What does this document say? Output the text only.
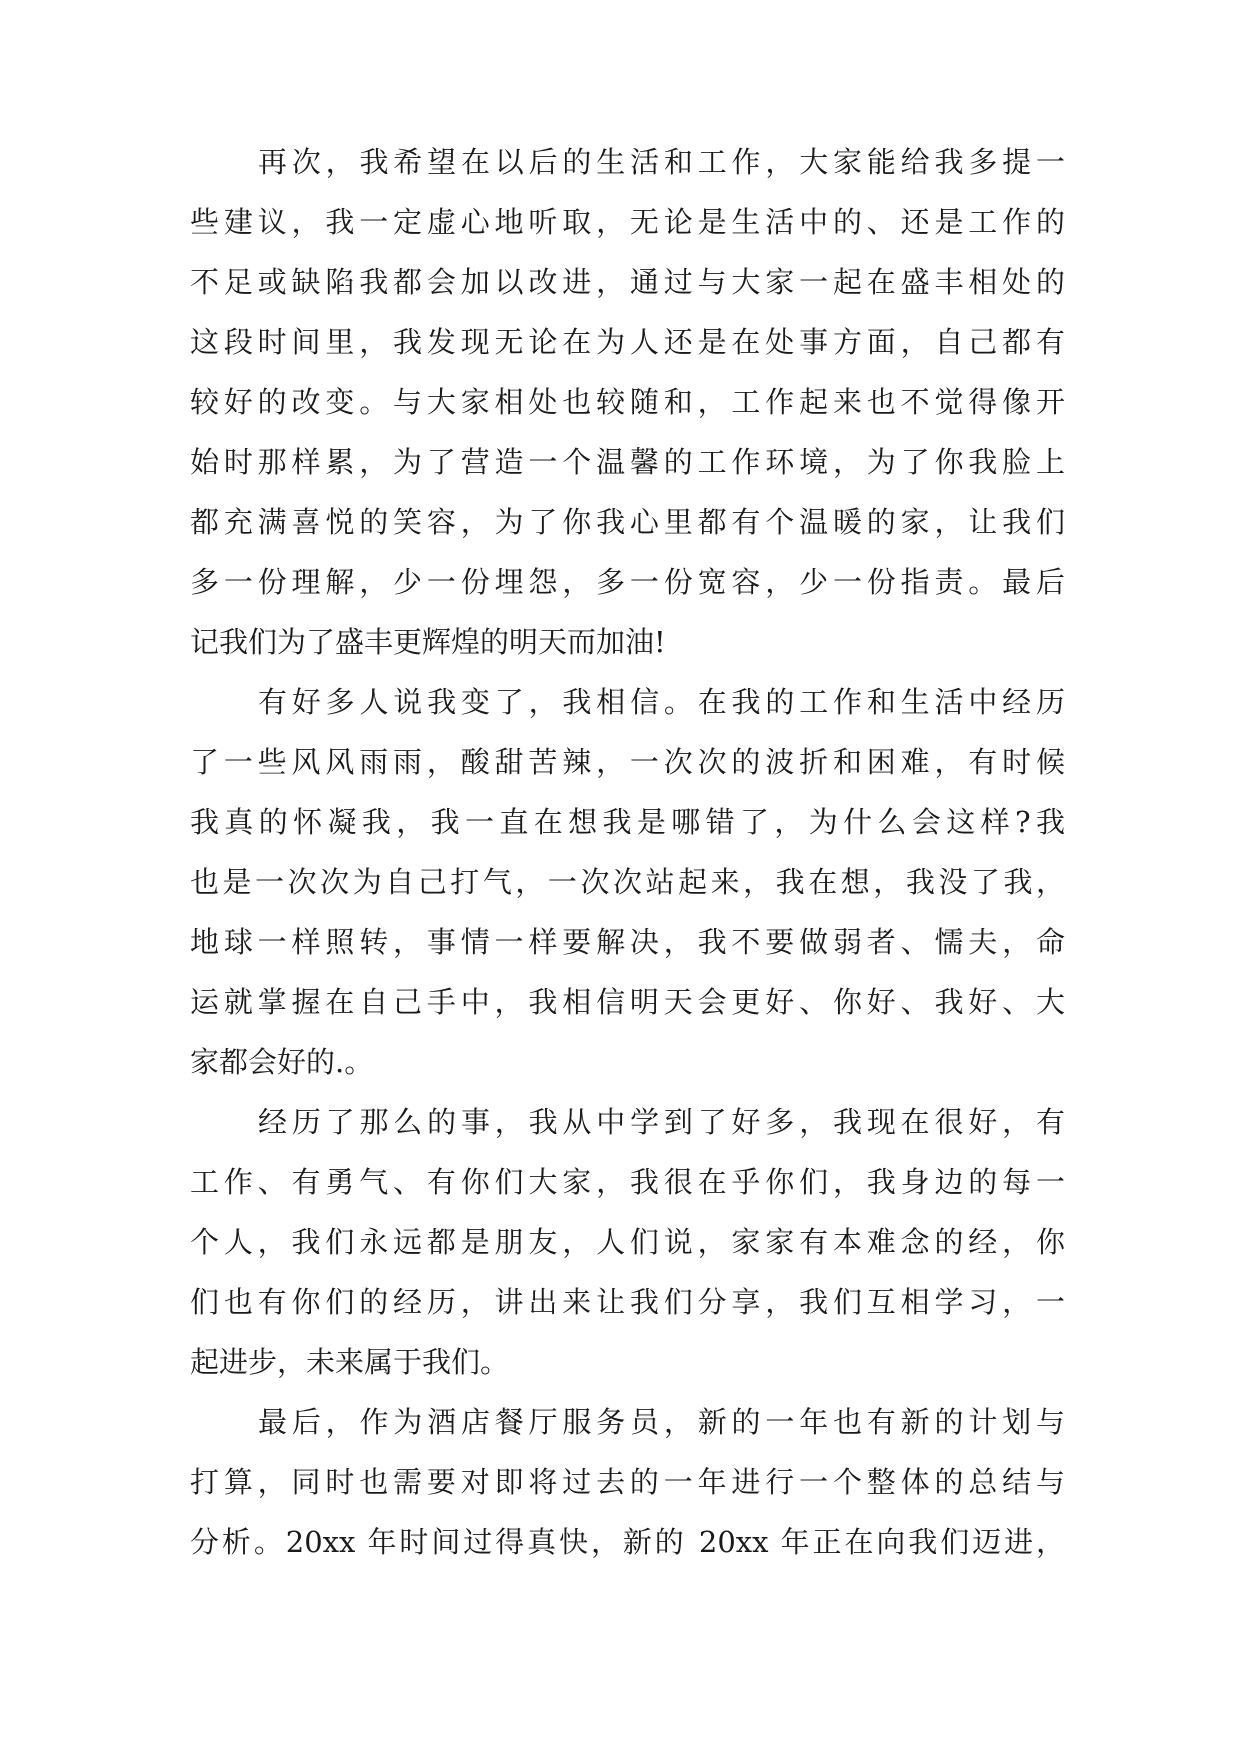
再次，我希望在以后的生活和工作，大家能给我多提一
些建议，我一定虚心地听取，无论是生活中的、还是工作的
不足或缺陷我都会加以改进，通过与大家一起在盛丰相处的
这段时间里，我发现无论在为人还是在处事方面，自己都有
较好的改变。与大家相处也较随和，工作起来也不觉得像开
始时那样累，为了营造一个温馨的工作环境，为了你我脸上
都充满喜悦的笑容，为了你我心里都有个温暖的家，让我们
多一份理解，少一份埋怨，多一份宽容，少一份指责。最后
记我们为了盛丰更辉煌的明天而加油!

有好多人说我变了，我相信。在我的工作和生活中经历
了一些风风雨雨，酸甜苦辣，一次次的波折和困难，有时候
我真的怀凝我，我一直在想我是哪错了，为什么会这样?我
也是一次次为自己打气，一次次站起来，我在想，我没了我，
地球一样照转，事情一样要解决，我不要做弱者、懦夫，命
运就掌握在自己手中，我相信明天会更好、你好、我好、大
家都会好的.。

经历了那么的事，我从中学到了好多，我现在很好，有
工作、有勇气、有你们大家，我很在乎你们，我身边的每一
个人，我们永远都是朋友，人们说，家家有本难念的经，你
们也有你们的经历，讲出来让我们分享，我们互相学习，一
起进步，未来属于我们。

最后，作为酒店餐厅服务员，新的一年也有新的计划与
打算，同时也需要对即将过去的一年进行一个整体的总结与
分析。20xx 年时间过得真快，新的 20xx 年正在向我们迈进，
